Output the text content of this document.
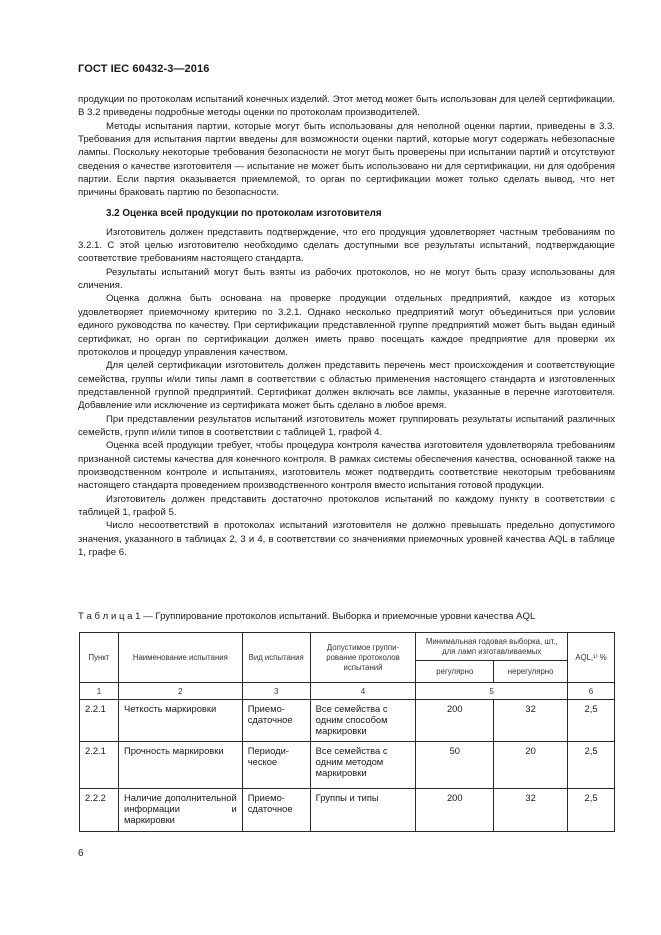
ГОСТ IEC 60432-3—2016

продукции по протоколам испытаний конечных изделий. Этот метод может быть использован для целей сертификации. В 3.2 приведены подробные методы оценки по протоколам производителей.

Методы испытания партии, которые могут быть использованы для неполной оценки партии, приведены в 3.3. Требования для испытания партии введены для возможности оценки партий, которые могут содержать небезопасные лампы. Поскольку некоторые требования безопасности не могут быть проверены при испытании партий и отсутствуют сведения о качестве изготовителя — испытание не может быть использовано ни для сертификации, ни для одобрения партии. Если партия оказывается приемлемой, то орган по сертификации может только сделать вывод, что нет причины браковать партию по безопасности.

3.2 Оценка всей продукции по протоколам изготовителя

Изготовитель должен представить подтверждение, что его продукция удовлетворяет частным требованиям по 3.2.1. С этой целью изготовителю необходимо сделать доступными все результаты испытаний, подтверждающие соответствие требованиям настоящего стандарта.

Результаты испытаний могут быть взяты из рабочих протоколов, но не могут быть сразу использованы для сличения.

Оценка должна быть основана на проверке продукции отдельных предприятий, каждое из которых удовлетворяет приемочному критерию по 3.2.1. Однако несколько предприятий могут объединиться при условии единого руководства по качеству. При сертификации представленной группе предприятий может быть выдан единый сертификат, но орган по сертификации должен иметь право посещать каждое предприятие для проверки их протоколов и процедур управления качеством.

Для целей сертификации изготовитель должен представить перечень мест происхождения и соответствующие семейства, группы и/или типы ламп в соответствии с областью применения настоящего стандарта и изготовленных представленной группой предприятий. Сертификат должен включать все лампы, указанные в перечне изготовителя. Добавление или исключение из сертификата может быть сделано в любое время.

При представлении результатов испытаний изготовитель может группировать результаты испытаний различных семейств, групп и/или типов в соответствии с таблицей 1, графой 4.

Оценка всей продукции требует, чтобы процедура контроля качества изготовителя удовлетворяла требованиям признанной системы качества для конечного контроля. В рамках системы обеспечения качества, основанной также на производственном контроле и испытаниях, изготовитель может подтвердить соответствие некоторым требованиям настоящего стандарта проведением производственного контроля вместо испытания готовой продукции.

Изготовитель должен представить достаточно протоколов испытаний по каждому пункту в соответствии с таблицей 1, графой 5.

Число несоответствий в протоколах испытаний изготовителя не должно превышать предельно допустимого значения, указанного в таблицах 2, 3 и 4, в соответствии со значениями приемочных уровней качества AQL в таблице 1, графе 6.

Т а б л и ц а 1 — Группирование протоколов испытаний. Выборка и приемочные уровни качества AQL
Пункт	Наименование испытания	Вид испытания	Допустимое группирование протоколов испытаний	Минимальная годовая выборка, шт., для ламп изготавливаемых		AQL,¹⁾ %
				регулярно	нерегулярно	
1	2	3	4	5		6
2.2.1	Четкость маркировки	Приемосдаточное	Все семейства с одним способом маркировки	200	32	2,5
2.2.1	Прочность маркировки	Периодическое	Все семейства с одним методом маркировки	50	20	2,5
2.2.2	Наличие дополнительной информации и маркировки	Приемосдаточное	Группы и типы	200	32	2,5
6
